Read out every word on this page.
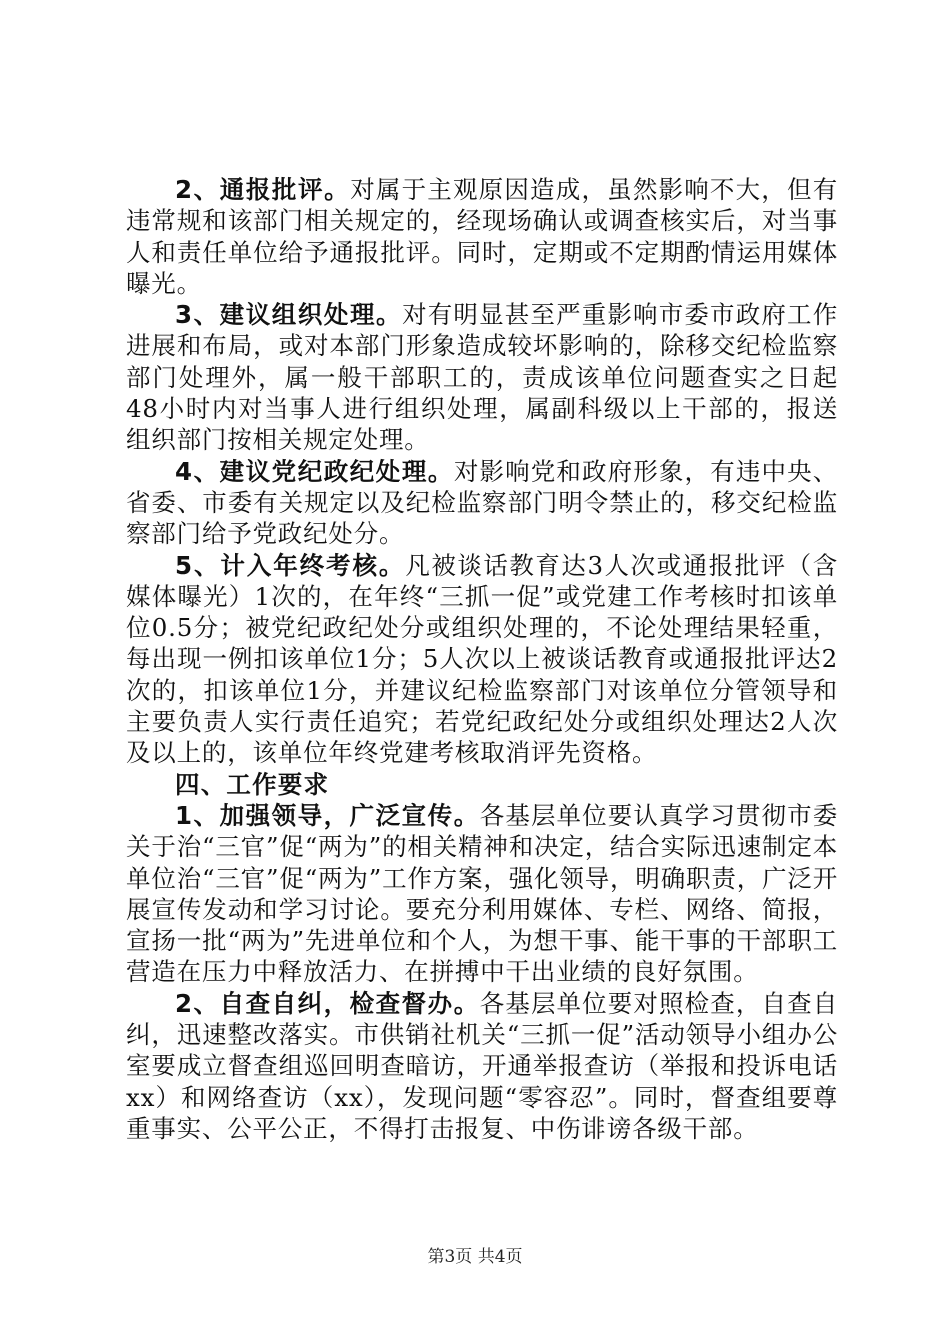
2、通报批评。对属于主观原因造成，虽然影响不大，但有违常规和该部门相关规定的，经现场确认或调查核实后，对当事人和责任单位给予通报批评。同时，定期或不定期酌情运用媒体曝光。

3、建议组织处理。对有明显甚至严重影响市委市政府工作进展和布局，或对本部门形象造成较坏影响的，除移交纪检监察部门处理外，属一般干部职工的，责成该单位问题查实之日起48小时内对当事人进行组织处理，属副科级以上干部的，报送组织部门按相关规定处理。

4、建议党纪政纪处理。对影响党和政府形象，有违中央、省委、市委有关规定以及纪检监察部门明令禁止的，移交纪检监察部门给予党政纪处分。

5、计入年终考核。凡被谈话教育达3人次或通报批评（含媒体曝光）1次的，在年终“三抓一促”或党建工作考核时扣该单位0.5分；被党纪政纪处分或组织处理的，不论处理结果轻重，每出现一例扣该单位1分；5人次以上被谈话教育或通报批评达2次的，扣该单位1分，并建议纪检监察部门对该单位分管领导和主要负责人实行责任追究；若党纪政纪处分或组织处理达2人次及以上的，该单位年终党建考核取消评先资格。

四、工作要求

1、加强领导，广泛宣传。各基层单位要认真学习贯彻市委关于治“三官”促“两为”的相关精神和决定，结合实际迅速制定本单位治“三官”促“两为”工作方案，强化领导，明确职责，广泛开展宣传发动和学习讨论。要充分利用媒体、专栏、网络、简报，宣扬一批“两为”先进单位和个人，为想干事、能干事的干部职工营造在压力中释放活力、在拼搏中干出业绩的良好氛围。

2、自查自纠，检查督办。各基层单位要对照检查，自查自纠，迅速整改落实。市供销社机关“三抓一促”活动领导小组办公室要成立督查组巡回明查暗访，开通举报查访（举报和投诉电话xx）和网络查访（xx），发现问题“零容忍”。同时，督查组要尊重事实、公平公正，不得打击报复、中伤诽谤各级干部。

第3页 共4页
